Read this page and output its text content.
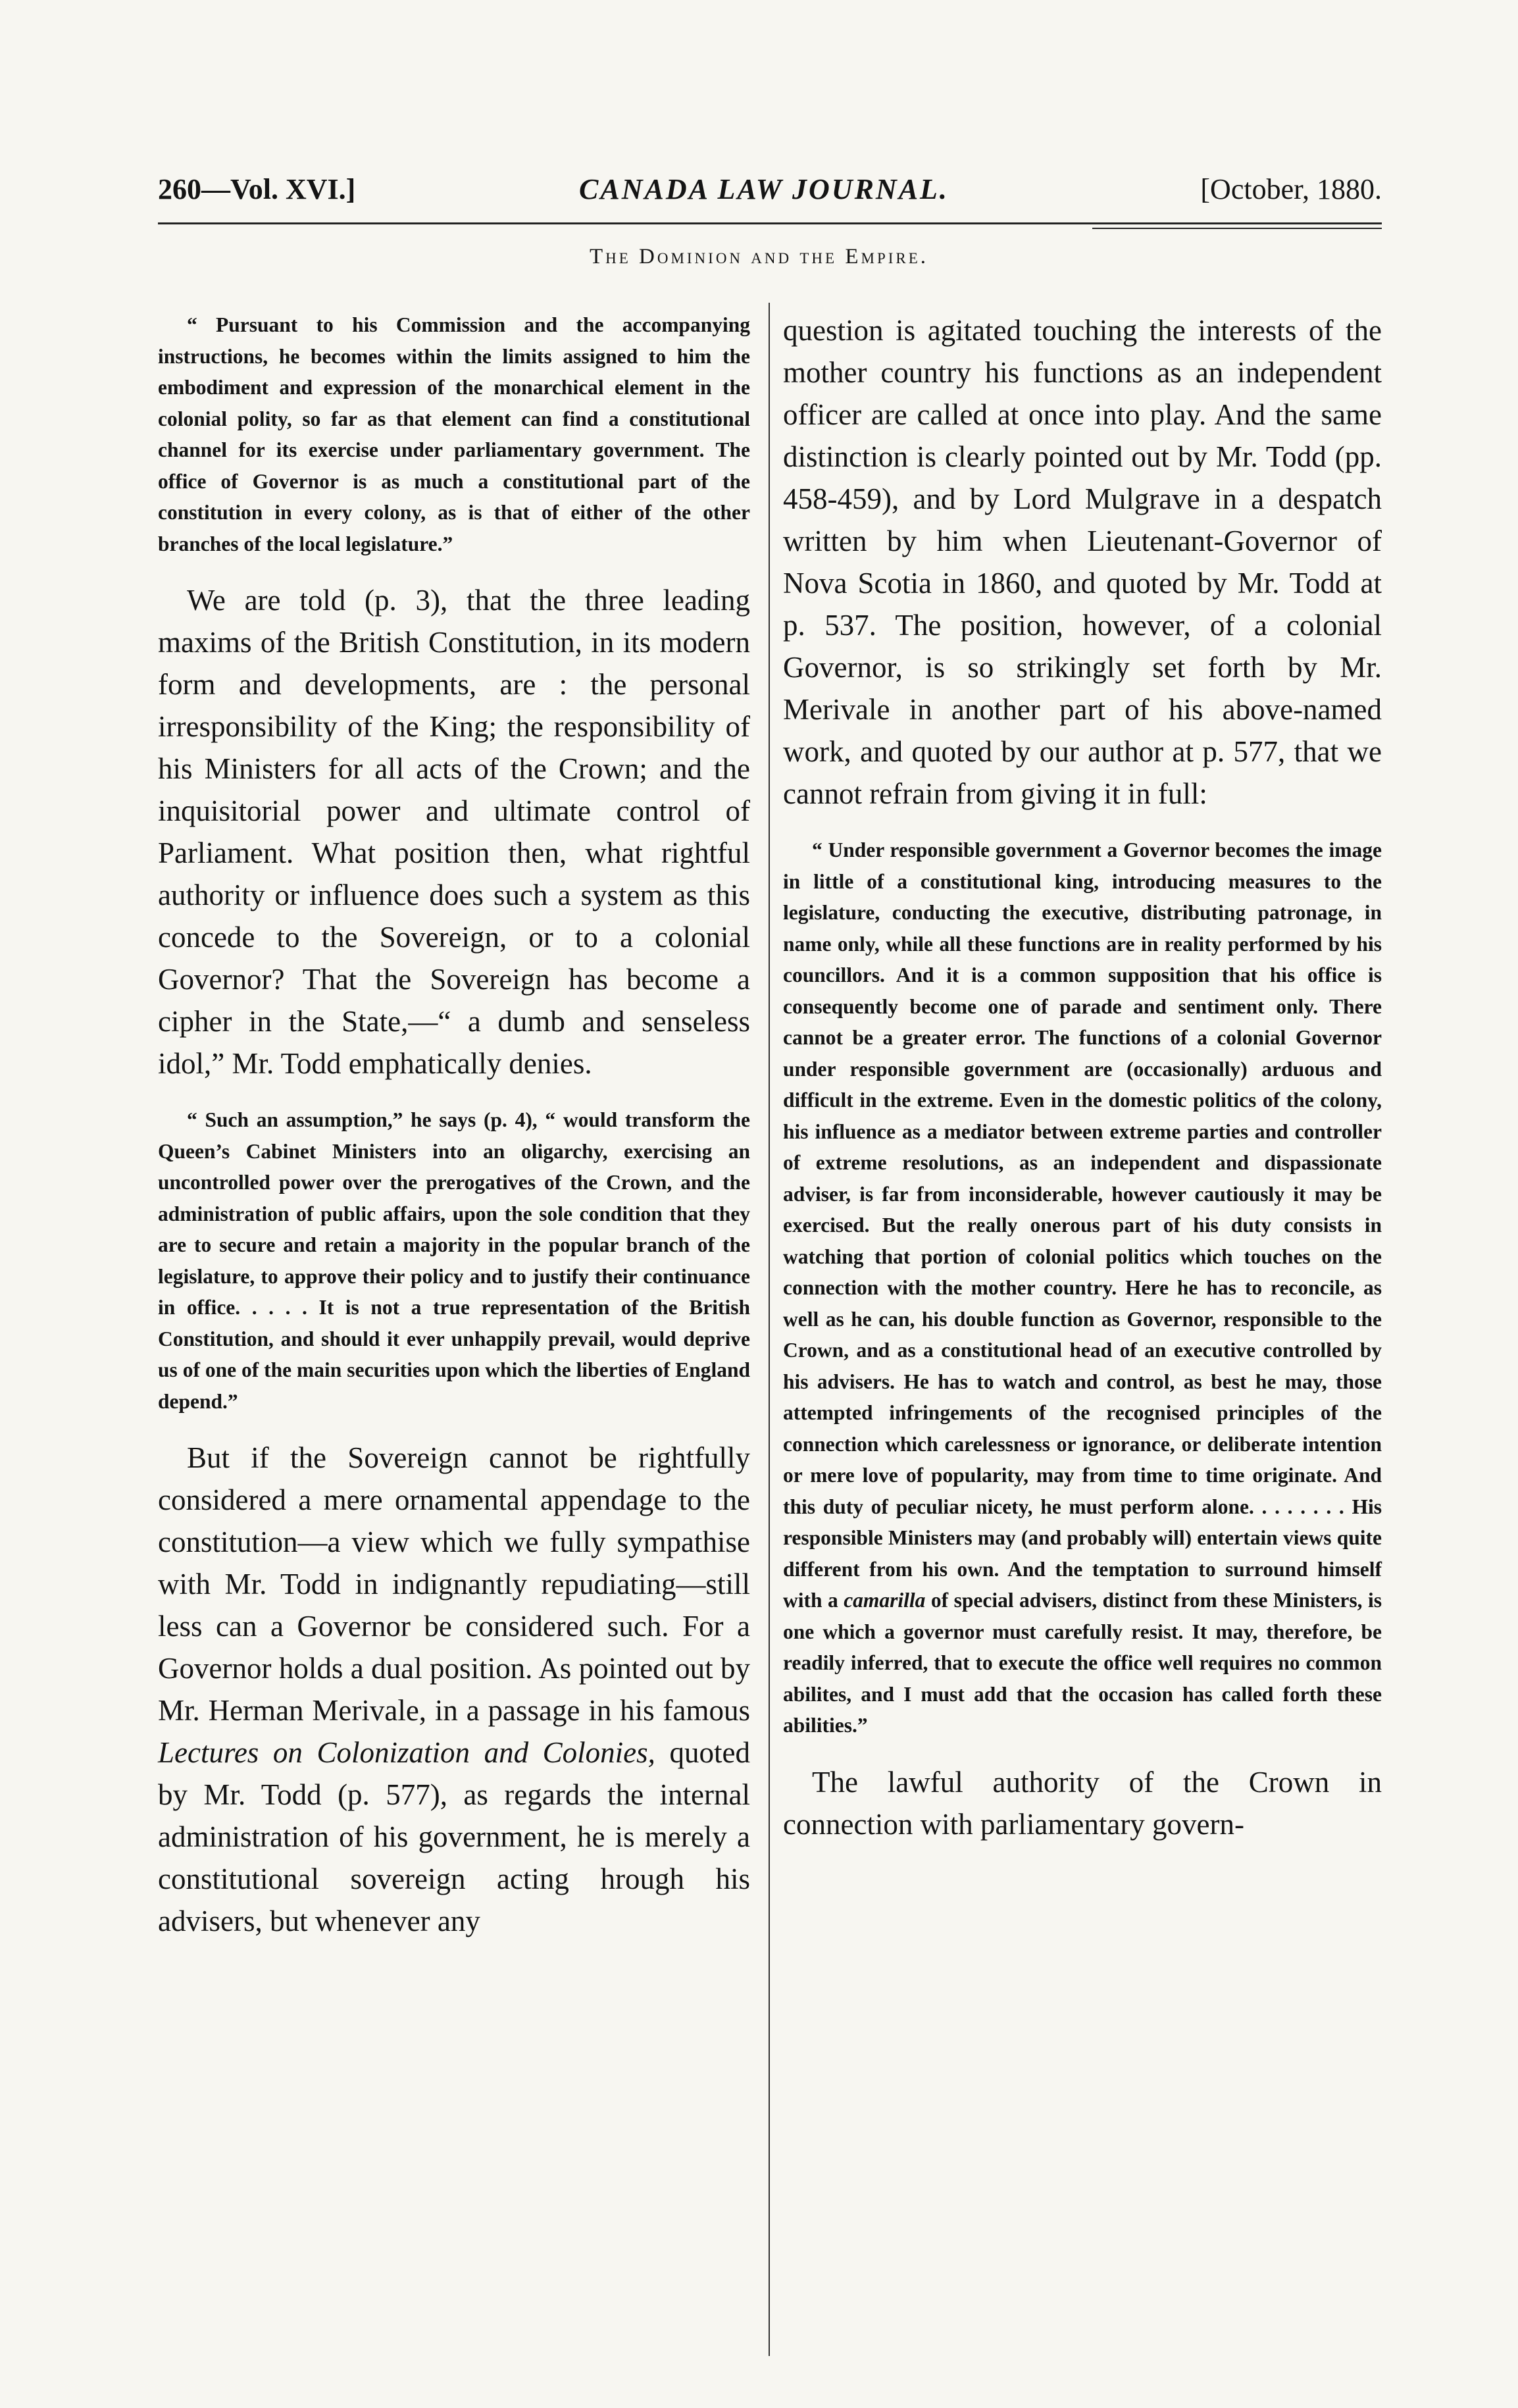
260—Vol. XVI.]	CANADA LAW JOURNAL.	[October, 1880.
The Dominion and the Empire.

“ Pursuant to his Commission and the accompanying instructions, he becomes within the limits assigned to him the embodiment and expression of the monarchical element in the colonial polity, so far as that element can find a constitutional channel for its exercise under parliamentary government. The office of Governor is as much a constitutional part of the constitution in every colony, as is that of either of the other branches of the local legislature.”

We are told (p. 3), that the three leading maxims of the British Constitution, in its modern form and developments, are : the personal irresponsibility of the King; the responsibility of his Ministers for all acts of the Crown; and the inquisitorial power and ultimate control of Parliament. What position then, what rightful authority or influence does such a system as this concede to the Sovereign, or to a colonial Governor? That the Sovereign has become a cipher in the State,—“ a dumb and senseless idol,” Mr. Todd emphatically denies.

“ Such an assumption,” he says (p. 4), “ would transform the Queen’s Cabinet Ministers into an oligarchy, exercising an uncontrolled power over the prerogatives of the Crown, and the administration of public affairs, upon the sole condition that they are to secure and retain a majority in the popular branch of the legislature, to approve their policy and to justify their continuance in office. . . . . It is not a true representation of the British Constitution, and should it ever unhappily prevail, would deprive us of one of the main securities upon which the liberties of England depend.”

But if the Sovereign cannot be rightfully considered a mere ornamental appendage to the constitution—a view which we fully sympathise with Mr. Todd in indignantly repudiating—still less can a Governor be considered such. For a Governor holds a dual position. As pointed out by Mr. Herman Merivale, in a passage in his famous Lectures on Colonization and Colonies, quoted by Mr. Todd (p. 577), as regards the internal administration of his government, he is merely a constitutional sovereign acting hrough his advisers, but whenever any

question is agitated touching the interests of the mother country his functions as an independent officer are called at once into play. And the same distinction is clearly pointed out by Mr. Todd (pp. 458-459), and by Lord Mulgrave in a despatch written by him when Lieutenant-Governor of Nova Scotia in 1860, and quoted by Mr. Todd at p. 537. The position, however, of a colonial Governor, is so strikingly set forth by Mr. Merivale in another part of his above-named work, and quoted by our author at p. 577, that we cannot refrain from giving it in full:

“ Under responsible government a Governor becomes the image in little of a constitutional king, introducing measures to the legislature, conducting the executive, distributing patronage, in name only, while all these functions are in reality performed by his councillors. And it is a common supposition that his office is consequently become one of parade and sentiment only. There cannot be a greater error. The functions of a colonial Governor under responsible government are (occasionally) arduous and difficult in the extreme. Even in the domestic politics of the colony, his influence as a mediator between extreme parties and controller of extreme resolutions, as an independent and dispassionate adviser, is far from inconsiderable, however cautiously it may be exercised. But the really onerous part of his duty consists in watching that portion of colonial politics which touches on the connection with the mother country. Here he has to reconcile, as well as he can, his double function as Governor, responsible to the Crown, and as a constitutional head of an executive controlled by his advisers. He has to watch and control, as best he may, those attempted infringements of the recognised principles of the connection which carelessness or ignorance, or deliberate intention or mere love of popularity, may from time to time originate. And this duty of peculiar nicety, he must perform alone. . . . . . . . His responsible Ministers may (and probably will) entertain views quite different from his own. And the temptation to surround himself with a camarilla of special advisers, distinct from these Ministers, is one which a governor must carefully resist. It may, therefore, be readily inferred, that to execute the office well requires no common abilites, and I must add that the occasion has called forth these abilities.”

The lawful authority of the Crown in connection with parliamentary govern-
